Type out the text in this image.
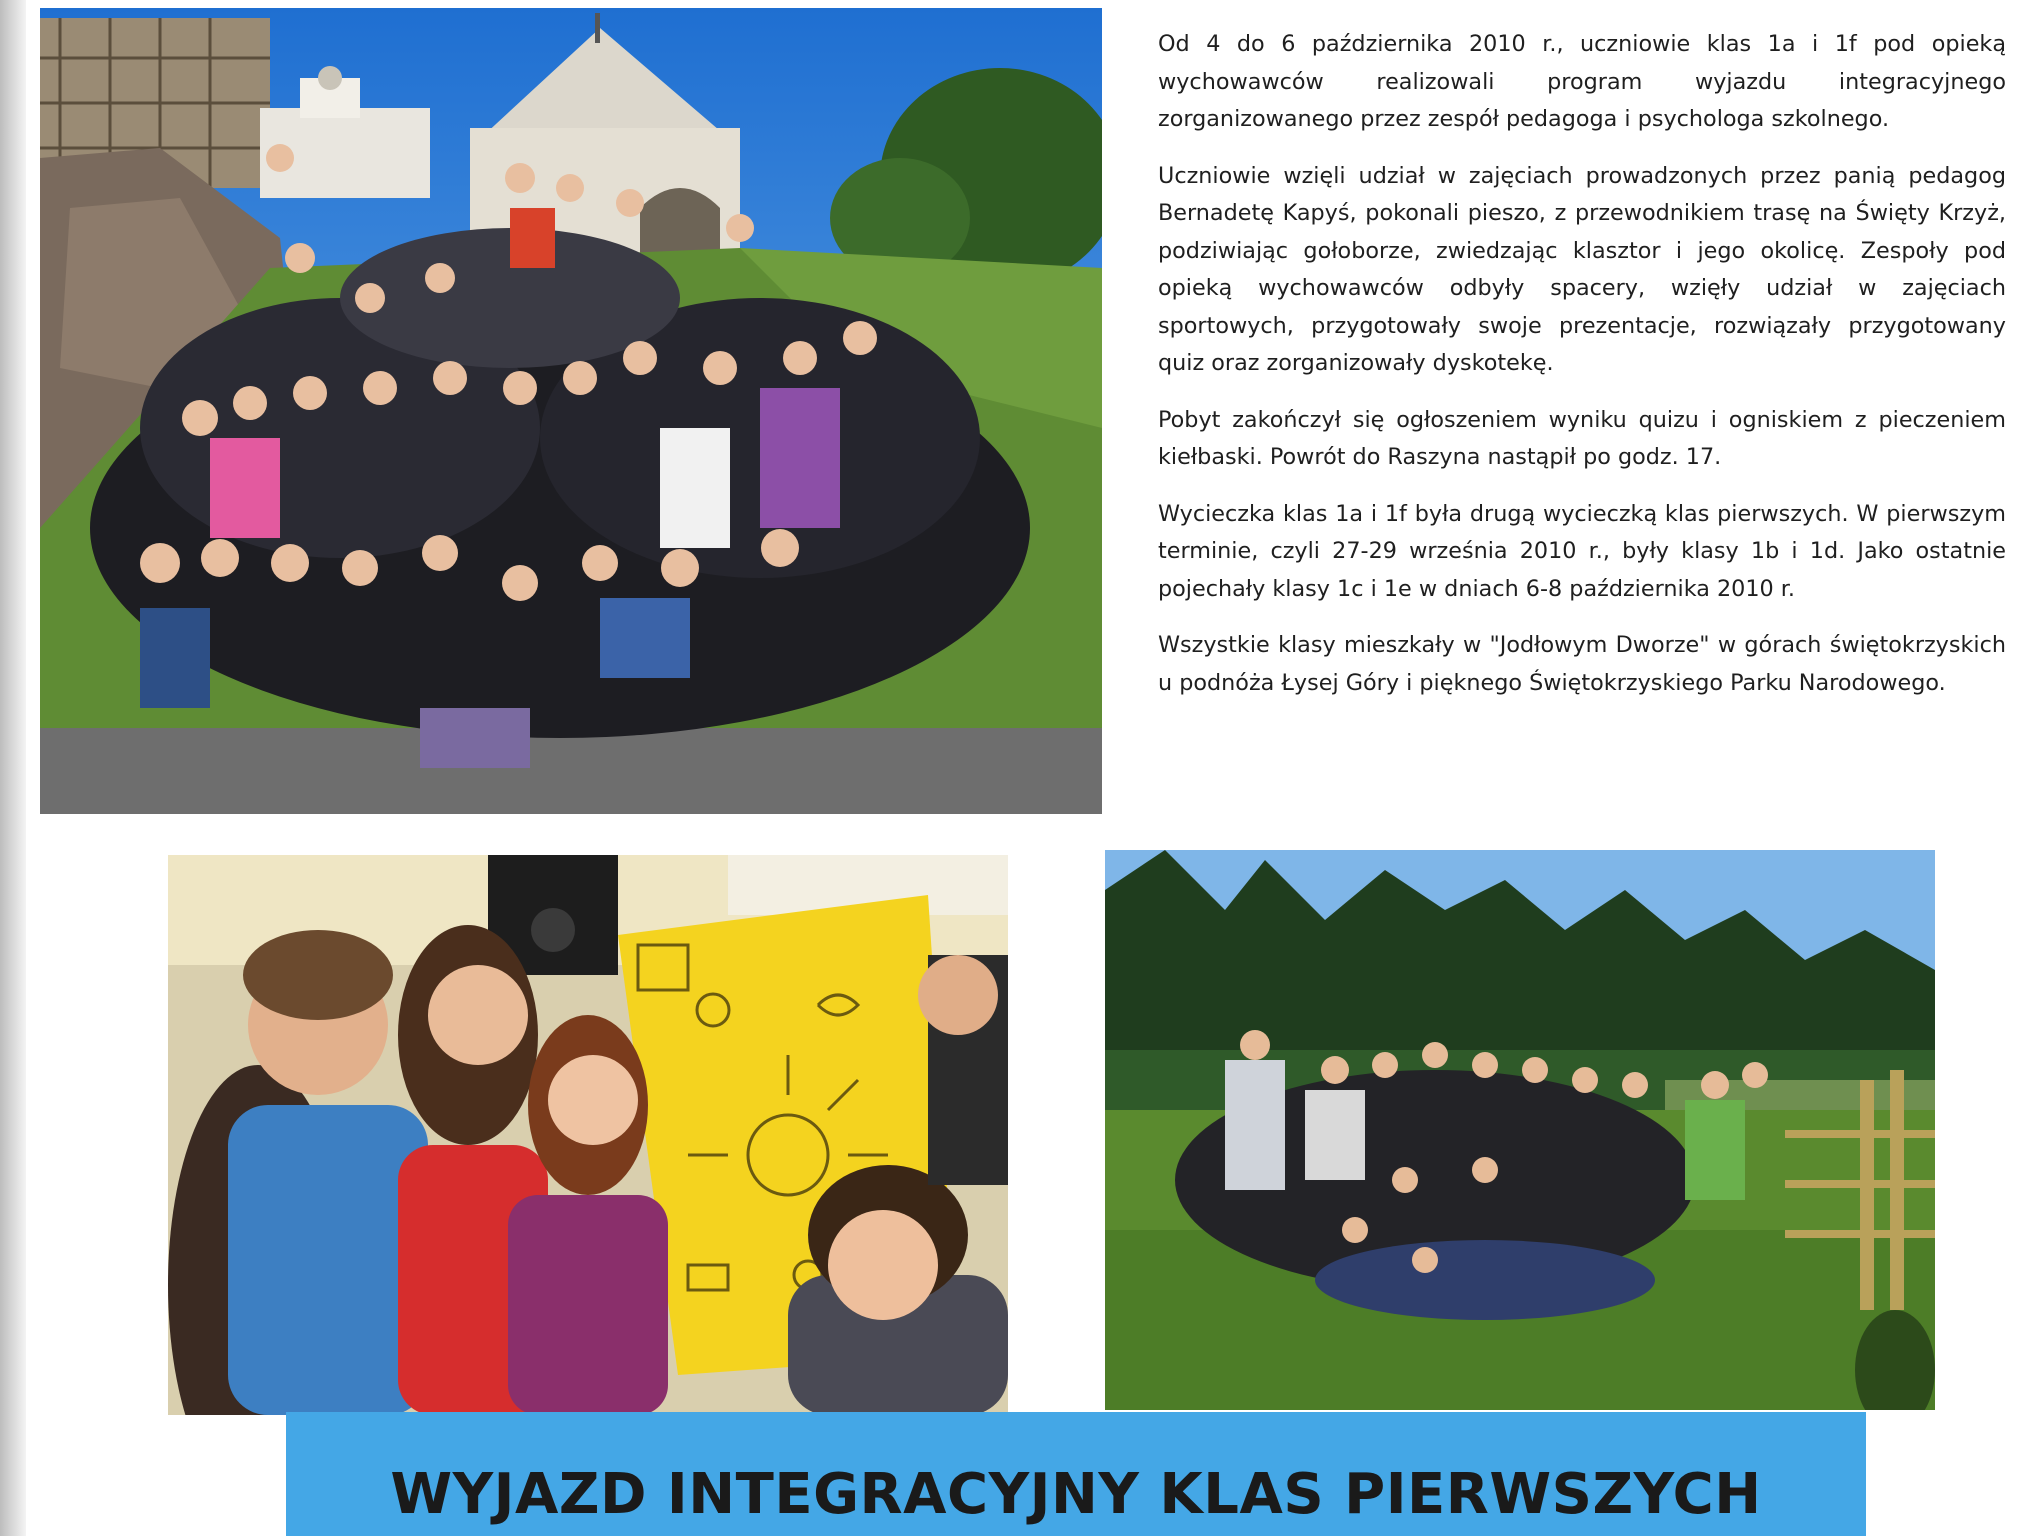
Od 4 do 6 października 2010 r., uczniowie klas 1a i 1f pod opieką wychowawców realizowali program wyjazdu integracyjnego zorganizowanego przez zespół pedagoga i psychologa szkolnego.

Uczniowie wzięli udział w zajęciach prowadzonych przez panią pedagog Bernadetę Kapyś, pokonali pieszo, z przewodnikiem trasę na Święty Krzyż, podziwiając gołoborze, zwiedzając klasztor i jego okolicę. Zespoły pod opieką wychowawców odbyły spacery, wzięły udział w zajęciach sportowych, przygotowały swoje prezentacje, rozwiązały przygotowany quiz oraz zorganizowały dyskotekę.

Pobyt zakończył się ogłoszeniem wyniku quizu i ogniskiem z pieczeniem kiełbaski. Powrót do Raszyna nastąpił po godz. 17.

Wycieczka klas 1a i 1f była drugą wycieczką klas pierwszych. W pierwszym terminie, czyli 27-29 września 2010 r., były klasy 1b i 1d. Jako ostatnie pojechały klasy 1c i 1e w dniach 6-8 października 2010 r.

Wszystkie klasy mieszkały w "Jodłowym Dworze" w górach świętokrzyskich u podnóża Łysej Góry i pięknego Świętokrzyskiego Parku Narodowego.

WYJAZD INTEGRACYJNY KLAS PIERWSZYCH
